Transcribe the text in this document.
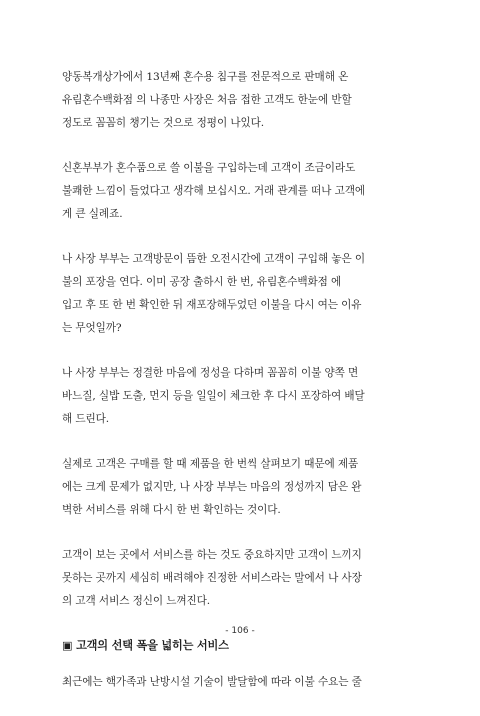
양동복개상가에서 13년째 혼수용 침구를 전문적으로 판매해 온
유림혼수백화점 의 나종만 사장은 처음 접한 고객도 한눈에 반할
정도로 꼼꼼히 챙기는 것으로 정평이 나있다.
신혼부부가 혼수품으로 쓸 이불을 구입하는데 고객이 조금이라도
불쾌한 느낌이 들었다고 생각해 보십시오. 거래 관계를 떠나 고객에
게 큰 실례죠.
나 사장 부부는 고객방문이 뜸한 오전시간에 고객이 구입해 놓은 이
불의 포장을 연다. 이미 공장 출하시 한 번, 유림혼수백화점 에
입고 후 또 한 번 확인한 뒤 재포장해두었던 이불을 다시 여는 이유
는 무엇일까?
나 사장 부부는 정결한 마음에 정성을 다하며 꼼꼼히 이불 양쪽 면
바느질, 실밥 도출, 먼지 등을 일일이 체크한 후 다시 포장하여 배달
해 드린다.
실제로 고객은 구매를 할 때 제품을 한 번씩 살펴보기 때문에 제품
에는 크게 문제가 없지만, 나 사장 부부는 마음의 정성까지 담은 완
벽한 서비스를 위해 다시 한 번 확인하는 것이다.
고객이 보는 곳에서 서비스를 하는 것도 중요하지만 고객이 느끼지
못하는 곳까지 세심히 배려해야 진정한 서비스라는 말에서 나 사장
의 고객 서비스 정신이 느껴진다.
▣ 고객의 선택 폭을 넓히는 서비스
최근에는 핵가족과 난방시설 기술이 발달함에 따라 이불 수요는 줄
- 106 -
